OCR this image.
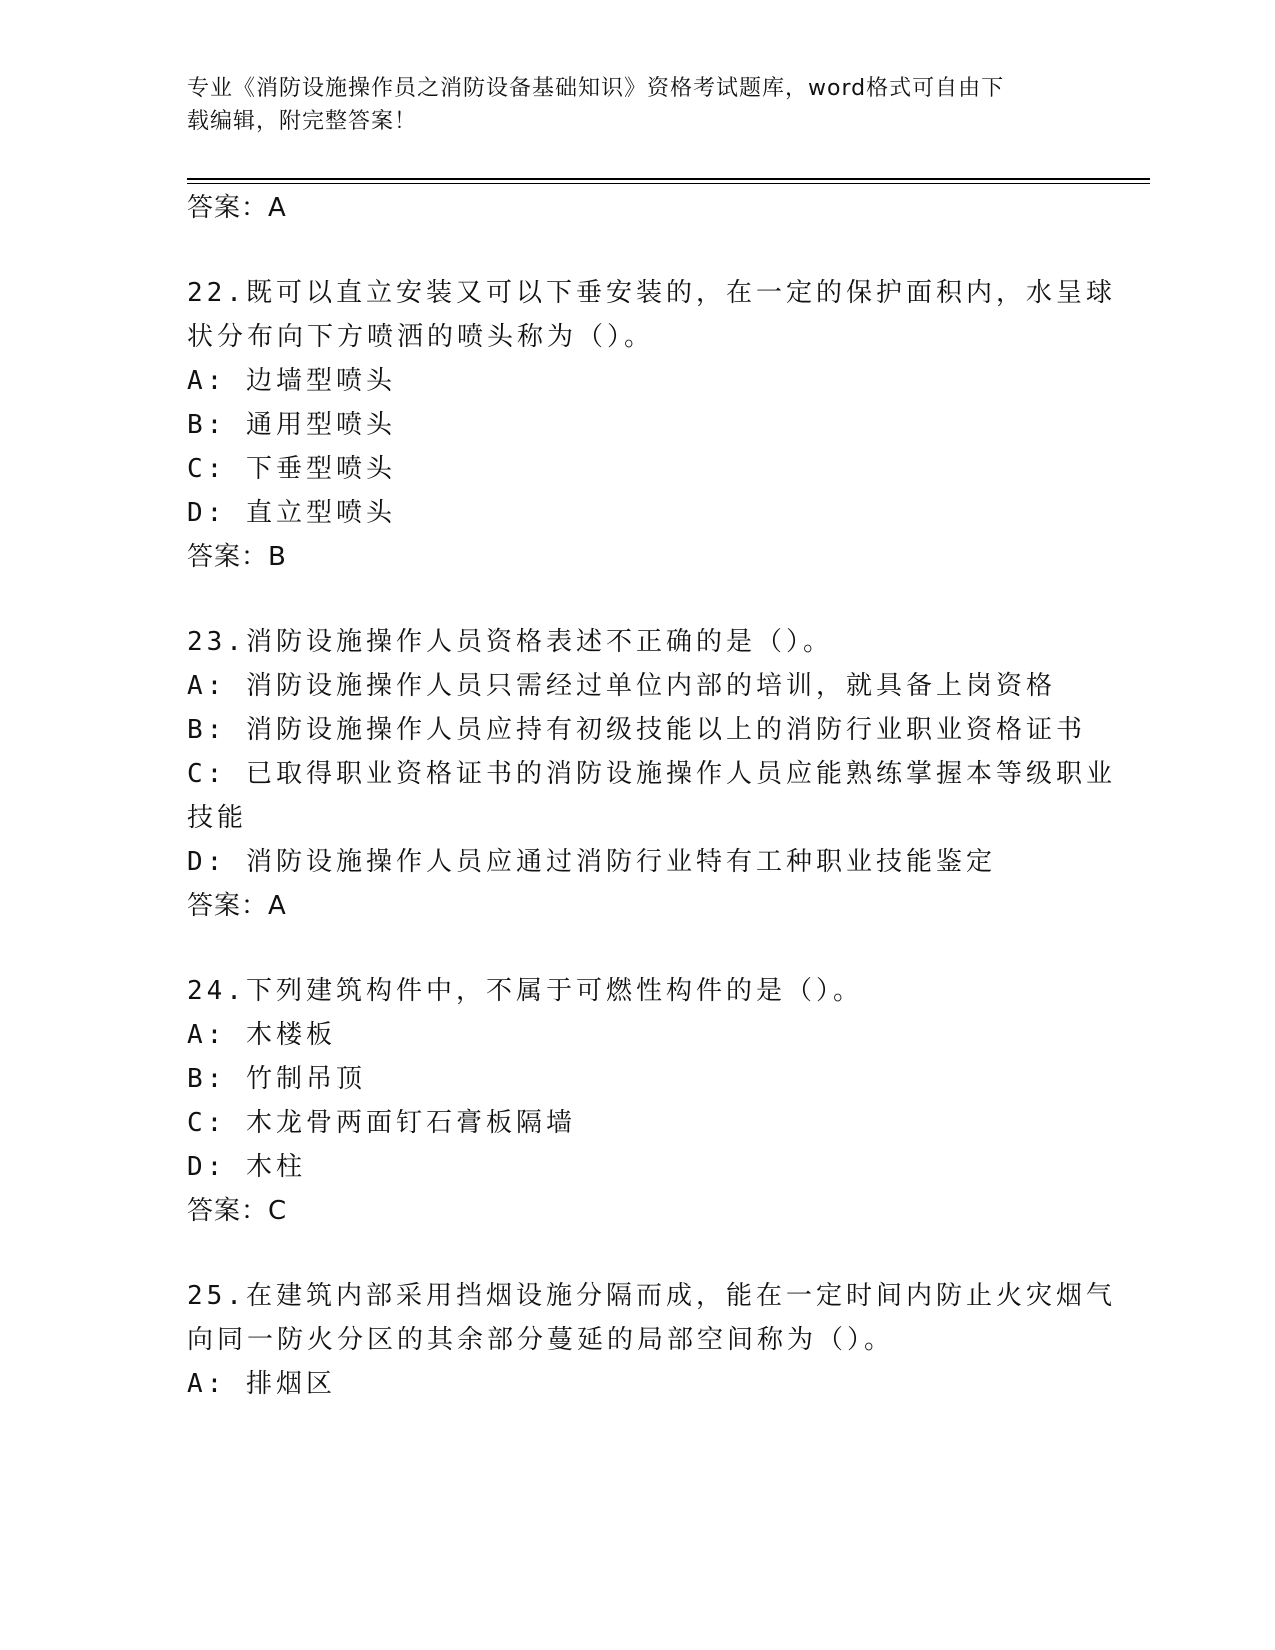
专业《消防设施操作员之消防设备基础知识》资格考试题库，word格式可自由下
载编辑，附完整答案！
答案：A
22.既可以直立安装又可以下垂安装的，在一定的保护面积内，水呈球
状分布向下方喷洒的喷头称为（）。
A: 边墙型喷头
B: 通用型喷头
C: 下垂型喷头
D: 直立型喷头
答案：B
23.消防设施操作人员资格表述不正确的是（）。
A: 消防设施操作人员只需经过单位内部的培训，就具备上岗资格
B: 消防设施操作人员应持有初级技能以上的消防行业职业资格证书
C: 已取得职业资格证书的消防设施操作人员应能熟练掌握本等级职业
技能
D: 消防设施操作人员应通过消防行业特有工种职业技能鉴定
答案：A
24.下列建筑构件中，不属于可燃性构件的是（）。
A: 木楼板
B: 竹制吊顶
C: 木龙骨两面钉石膏板隔墙
D: 木柱
答案：C
25.在建筑内部采用挡烟设施分隔而成，能在一定时间内防止火灾烟气
向同一防火分区的其余部分蔓延的局部空间称为（）。
A: 排烟区
